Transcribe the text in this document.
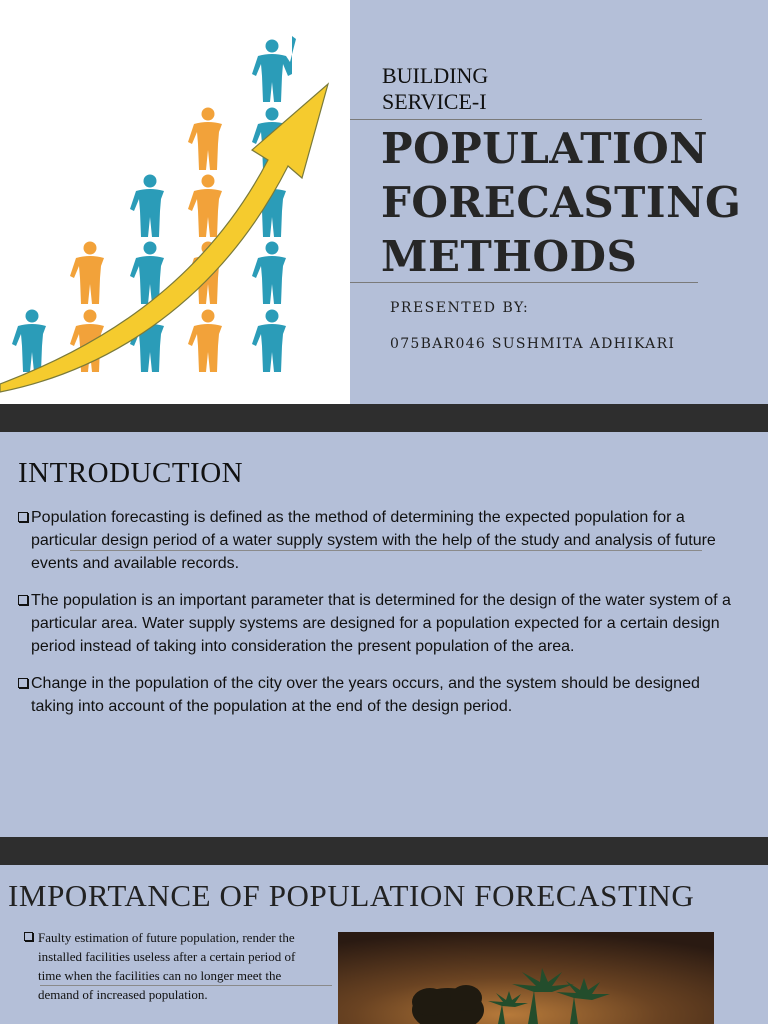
BUILDING
SERVICE-I
POPULATION
FORECASTING
METHODS
PRESENTED BY:
075BAR046 SUSHMITA ADHIKARI
INTRODUCTION
Population forecasting is defined as the method of determining the expected population for a particular design period of a water supply system with the help of the study and analysis of future events and available records.
The population is an important parameter that is determined for the design of the water system of a particular area. Water supply systems are designed for a population expected for a certain design period instead of taking into consideration the present population of the area.
Change in the population of the city over the years occurs, and the system should be designed taking into account of the population at the end of the design period.
IMPORTANCE OF POPULATION FORECASTING
Faulty estimation of future population, render the installed facilities useless after a certain period of time when the facilities can no longer meet the demand of increased population.
